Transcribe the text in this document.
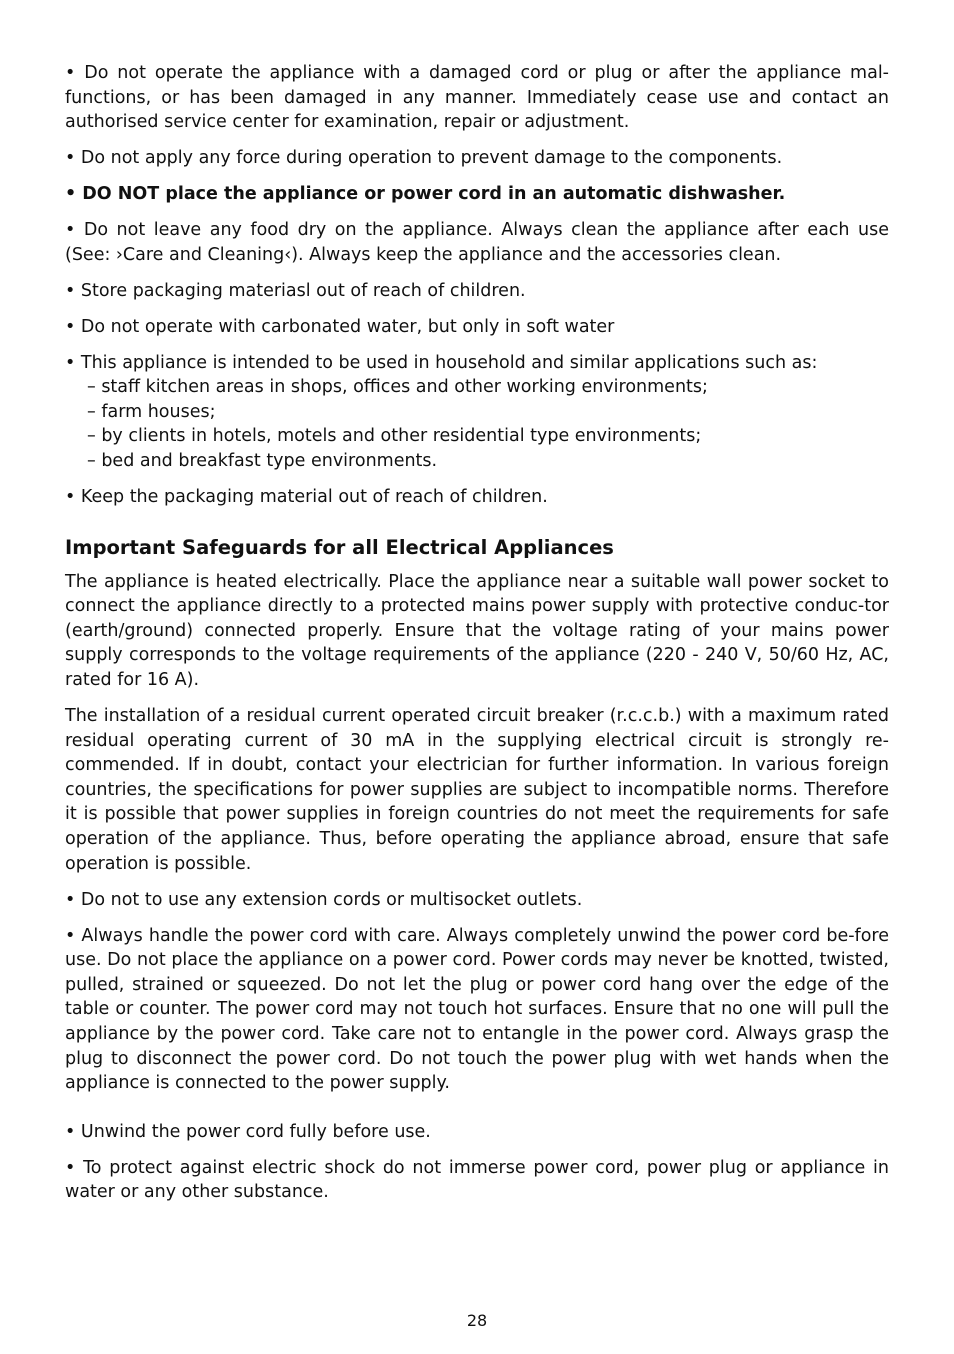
• Do not operate the appliance with a damaged cord or plug or after the appliance mal-functions, or has been damaged in any manner. Immediately cease use and contact an authorised service center for examination, repair or adjustment.

• Do not apply any force during operation to prevent damage to the components.

• DO NOT place the appliance or power cord in an automatic dishwasher.

• Do not leave any food dry on the appliance. Always clean the appliance after each use (See: ›Care and Cleaning‹). Always keep the appliance and the accessories clean.

• Store packaging materiasl out of reach of children.

• Do not operate with carbonated water, but only in soft water

• This appliance is intended to be used in household and similar applications such as:
– staff kitchen areas in shops, offices and other working environments;
– farm houses;
– by clients in hotels, motels and other residential type environments;
– bed and breakfast type environments.

• Keep the packaging material out of reach of children.

Important Safeguards for all Electrical Appliances

The appliance is heated electrically. Place the appliance near a suitable wall power socket to connect the appliance directly to a protected mains power supply with protective conduc-tor (earth/ground) connected properly. Ensure that the voltage rating of your mains power supply corresponds to the voltage requirements of the appliance (220 - 240 V, 50/60 Hz, AC, rated for 16 A).

The installation of a residual current operated circuit breaker (r.c.c.b.) with a maximum rated residual operating current of 30 mA in the supplying electrical circuit is strongly re-commended. If in doubt, contact your electrician for further information. In various foreign countries, the specifications for power supplies are subject to incompatible norms. Therefore it is possible that power supplies in foreign countries do not meet the requirements for safe operation of the appliance. Thus, before operating the appliance abroad, ensure that safe operation is possible.

• Do not to use any extension cords or multisocket outlets.

• Always handle the power cord with care. Always completely unwind the power cord be-fore use. Do not place the appliance on a power cord. Power cords may never be knotted, twisted, pulled, strained or squeezed. Do not let the plug or power cord hang over the edge of the table or counter. The power cord may not touch hot surfaces. Ensure that no one will pull the appliance by the power cord. Take care not to entangle in the power cord. Always grasp the plug to disconnect the power cord. Do not touch the power plug with wet hands when the appliance is connected to the power supply.

• Unwind the power cord fully before use.

• To protect against electric shock do not immerse power cord, power plug or appliance in water or any other substance.

28
